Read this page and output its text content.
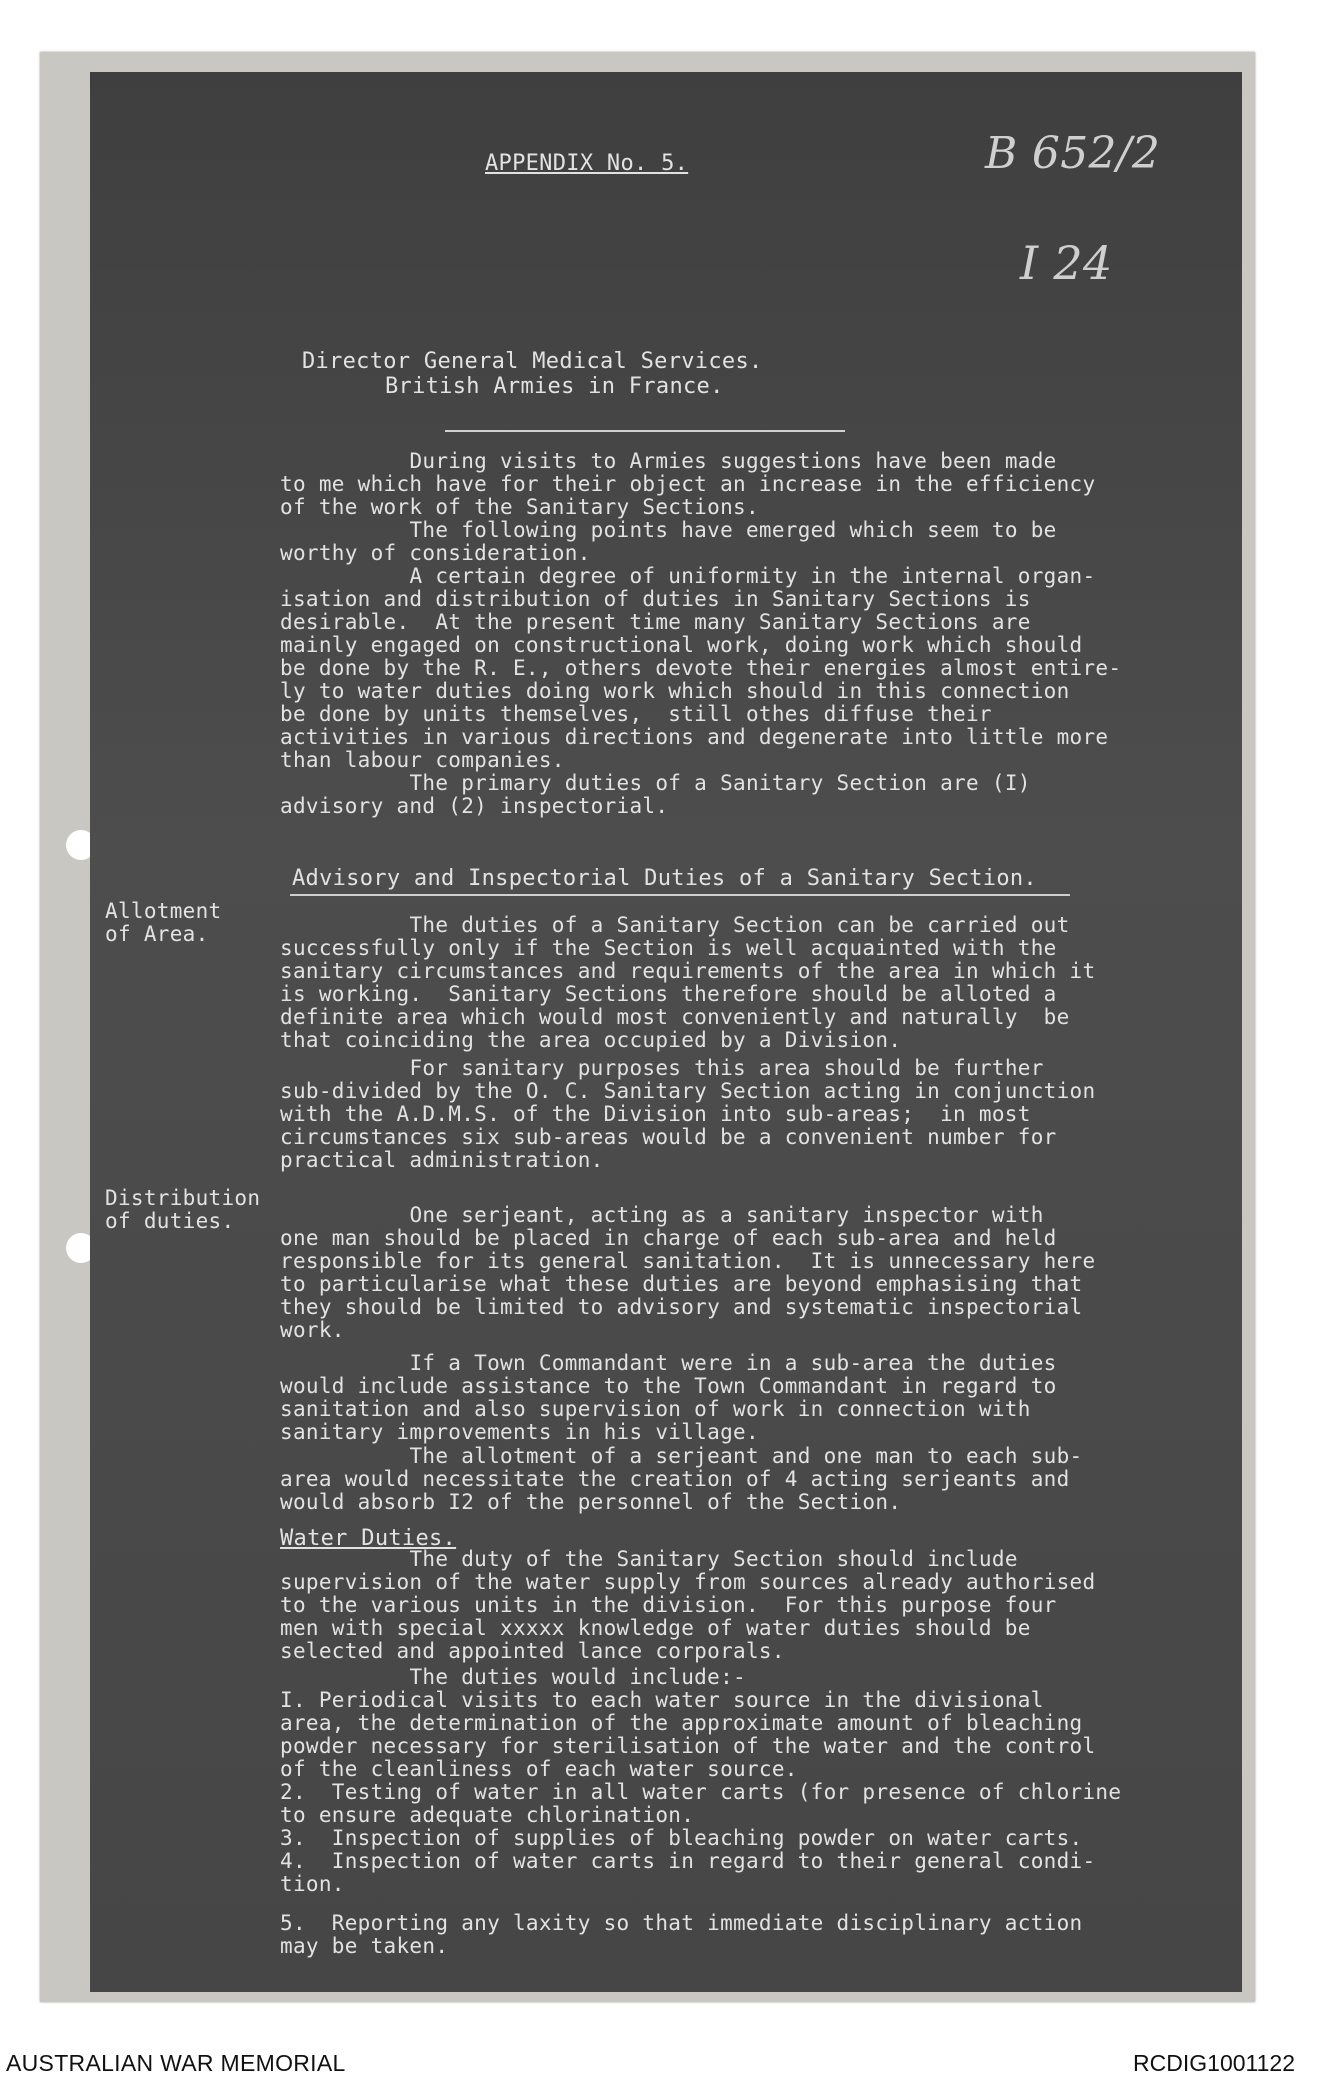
APPENDIX No. 5.	B 652/2
I 24
Director General Medical Services.
British Armies in France.
During visits to Armies suggestions have been made
to me which have for their object an increase in the efficiency
of the work of the Sanitary Sections.
The following points have emerged which seem to be
worthy of consideration.
A certain degree of uniformity in the internal organ-
isation and distribution of duties in Sanitary Sections is
desirable.  At the present time many Sanitary Sections are
mainly engaged on constructional work, doing work which should
be done by the R. E., others devote their energies almost entire-
ly to water duties doing work which should in this connection
be done by units themselves,  still othes diffuse their
activities in various directions and degenerate into little more
than labour companies.
The primary duties of a Sanitary Section are (I)
advisory and (2) inspectorial.
Advisory and Inspectorial Duties of a Sanitary Section.
Allotment
of Area.	The duties of a Sanitary Section can be carried out
successfully only if the Section is well acquainted with the
sanitary circumstances and requirements of the area in which it
is working.  Sanitary Sections therefore should be alloted a
definite area which would most conveniently and naturally  be
that coinciding the area occupied by a Division.
For sanitary purposes this area should be further
sub-divided by the O. C. Sanitary Section acting in conjunction
with the A.D.M.S. of the Division into sub-areas;  in most
circumstances six sub-areas would be a convenient number for
practical administration.
Distribution
of duties.	One serjeant, acting as a sanitary inspector with
one man should be placed in charge of each sub-area and held
responsible for its general sanitation.  It is unnecessary here
to particularise what these duties are beyond emphasising that
they should be limited to advisory and systematic inspectorial
work.
If a Town Commandant were in a sub-area the duties
would include assistance to the Town Commandant in regard to
sanitation and also supervision of work in connection with
sanitary improvements in his village.
The allotment of a serjeant and one man to each sub-
area would necessitate the creation of 4 acting serjeants and
would absorb I2 of the personnel of the Section.
Water Duties.
The duty of the Sanitary Section should include
supervision of the water supply from sources already authorised
to the various units in the division.  For this purpose four
men with special xxxxx knowledge of water duties should be
selected and appointed lance corporals.
The duties would include:-
I. Periodical visits to each water source in the divisional
area, the determination of the approximate amount of bleaching
powder necessary for sterilisation of the water and the control
of the cleanliness of each water source.
2.  Testing of water in all water carts (for presence of chlorine
to ensure adequate chlorination.
3.  Inspection of supplies of bleaching powder on water carts.
4.  Inspection of water carts in regard to their general condi-
tion.
5.  Reporting any laxity so that immediate disciplinary action
may be taken.
AUSTRALIAN WAR MEMORIAL	RCDIG1001122
